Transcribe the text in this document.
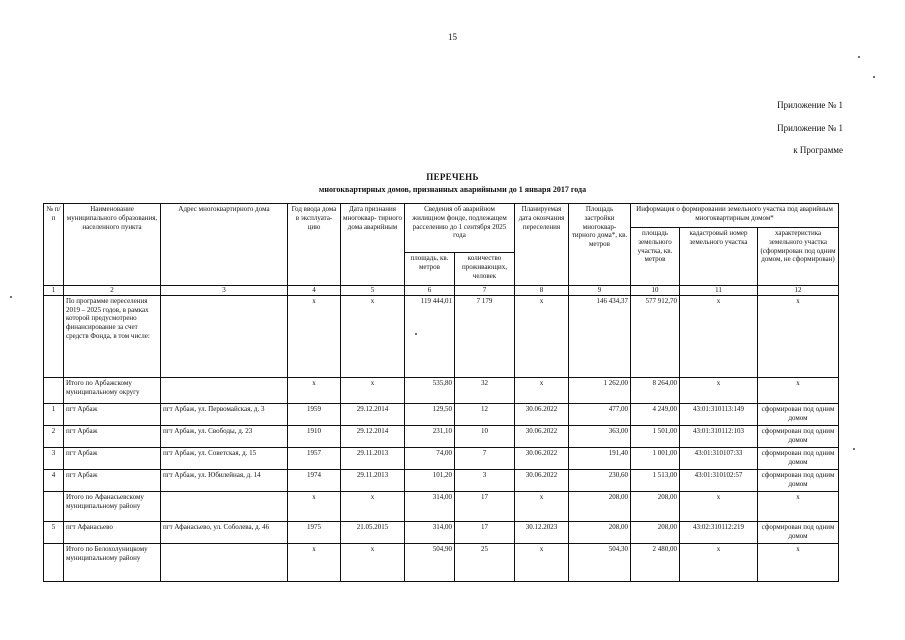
15
Приложение № 1
Приложение № 1
к Программе
ПЕРЕЧЕНЬ
многоквартирных домов, признанных аварийными до 1 января 2017 года
№ п/п	Наименование муниципального образования, населенного пункта	Адрес многоквартирного дома	Год ввода дома в эксплуата- цию	Дата признания многоквар- тирного дома аварийным	Сведения об аварийном жилищном фонде, подлежащем расселению до 1 сентября 2025 года		Планируемая дата окончания переселения	Площадь застройки многоквар- тирного дома*, кв. метров	Информация о формировании земельного участка под аварийным многоквартирным домом*		
									площадь земельного участка, кв. метров	кадастровый номер земельного участка	характеристика земельного участка (сформирован под одним домом, не сформирован)
					площадь, кв. метров	количество проживающих, человек					
1	2	3	4	5	6	7	8	9	10	11	12
	По программе переселения 2019 – 2025 годов, в рамках которой предусмотрено финансирование за счет средств Фонда, в том числе:		x	x	119 444,01	7 179	x	146 434,37	577 912,70	x	x
	Итого по Арбажскому муниципальному округу		x	x	535,80	32	x	1 262,00	8 264,00	x	x
1	пгт Арбаж	пгт Арбаж, ул. Первомайская, д. 3	1959	29.12.2014	129,50	12	30.06.2022	477,00	4 249,00	43:01:310113:149	сформирован под одним домом
2	пгт Арбаж	пгт Арбаж, ул. Свободы, д. 23	1910	29.12.2014	231,10	10	30.06.2022	363,00	1 501,00	43:01:310112:103	сформирован под одним домом
3	пгт Арбаж	пгт Арбаж, ул. Советская, д. 15	1957	29.11.2013	74,00	7	30.06.2022	191,40	1 001,00	43:01:310107:33	сформирован под одним домом
4	пгт Арбаж	пгт Арбаж, ул. Юбилейная, д. 14	1974	29.11.2013	101,20	3	30.06.2022	230,60	1 513,00	43:01:310102:57	сформирован под одним домом
	Итого по Афанасьевскому муниципальному району		x	x	314,00	17	x	208,00	208,00	x	x
5	пгт Афанасьево	пгт Афанасьево, ул. Соболева, д. 46	1975	21.05.2015	314,00	17	30.12.2023	208,00	208,00	43:02:310112:219	сформирован под одним домом
	Итого по Белохолуницкому муниципальному району		x	x	504,90	25	x	504,30	2 480,00	x	x
